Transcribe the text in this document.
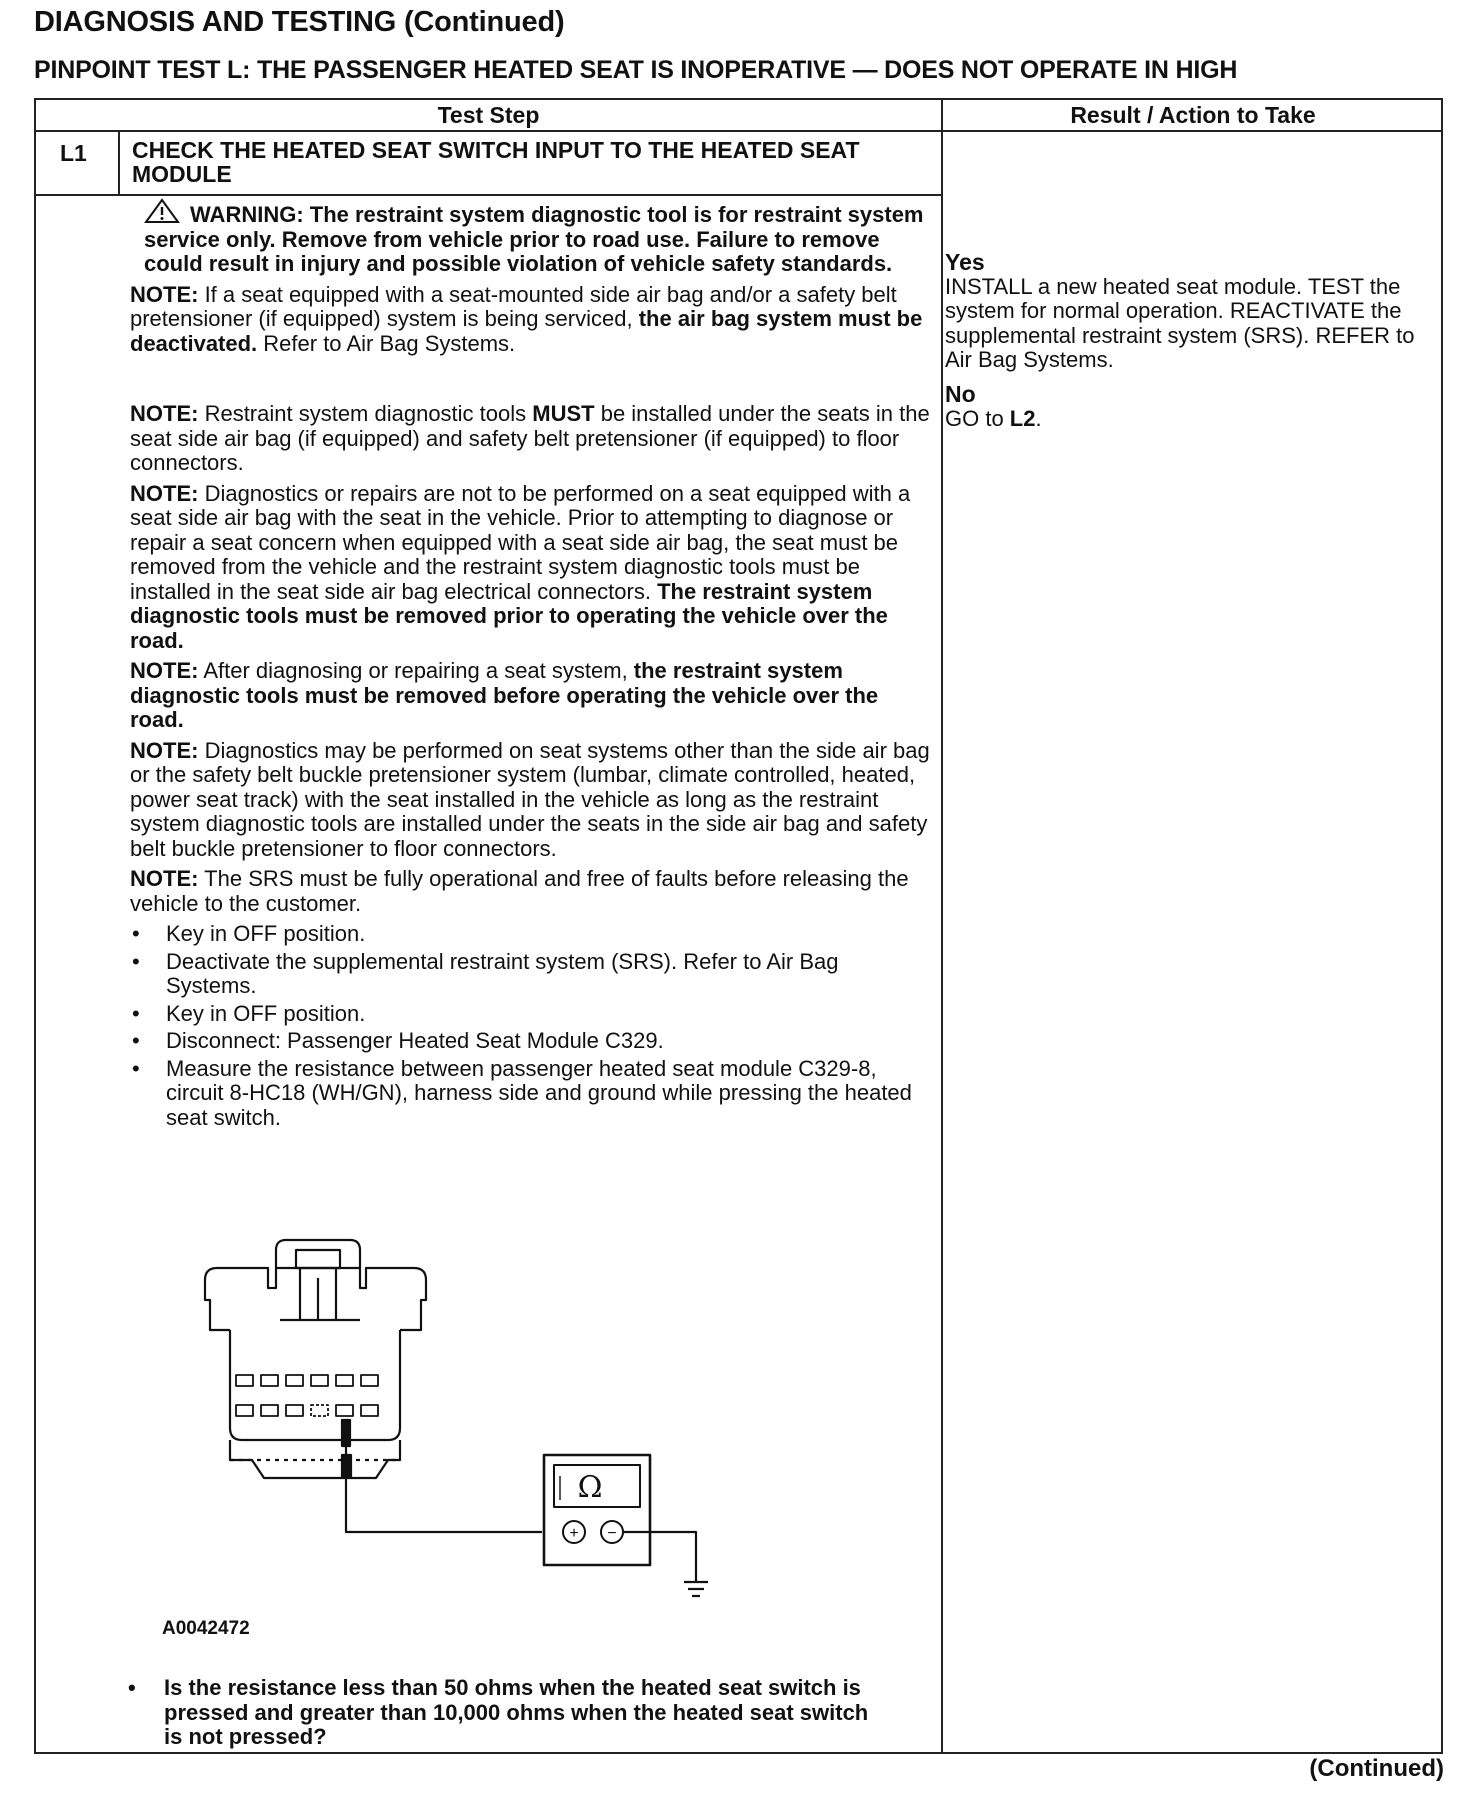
DIAGNOSIS AND TESTING (Continued)
PINPOINT TEST L: THE PASSENGER HEATED SEAT IS INOPERATIVE — DOES NOT OPERATE IN HIGH
Test Step	Result / Action to Take
L1 CHECK THE HEATED SEAT SWITCH INPUT TO THE HEATED SEAT MODULE

WARNING: The restraint system diagnostic tool is for restraint system service only. Remove from vehicle prior to road use. Failure to remove could result in injury and possible violation of vehicle safety standards.

NOTE: If a seat equipped with a seat-mounted side air bag and/or a safety belt pretensioner (if equipped) system is being serviced, the air bag system must be deactivated. Refer to Air Bag Systems.

NOTE: Restraint system diagnostic tools MUST be installed under the seats in the seat side air bag (if equipped) and safety belt pretensioner (if equipped) to floor connectors.

NOTE: Diagnostics or repairs are not to be performed on a seat equipped with a seat side air bag with the seat in the vehicle. Prior to attempting to diagnose or repair a seat concern when equipped with a seat side air bag, the seat must be removed from the vehicle and the restraint system diagnostic tools must be installed in the seat side air bag electrical connectors. The restraint system diagnostic tools must be removed prior to operating the vehicle over the road.

NOTE: After diagnosing or repairing a seat system, the restraint system diagnostic tools must be removed before operating the vehicle over the road.

NOTE: Diagnostics may be performed on seat systems other than the side air bag or the safety belt buckle pretensioner system (lumbar, climate controlled, heated, power seat track) with the seat installed in the vehicle as long as the restraint system diagnostic tools are installed under the seats in the side air bag and safety belt buckle pretensioner to floor connectors.

NOTE: The SRS must be fully operational and free of faults before releasing the vehicle to the customer.

• Key in OFF position.
• Deactivate the supplemental restraint system (SRS). Refer to Air Bag Systems.
• Key in OFF position.
• Disconnect: Passenger Heated Seat Module C329.
• Measure the resistance between passenger heated seat module C329-8, circuit 8-HC18 (WH/GN), harness side and ground while pressing the heated seat switch.
Yes
INSTALL a new heated seat module. TEST the system for normal operation. REACTIVATE the supplemental restraint system (SRS). REFER to Air Bag Systems.
No
GO to L2.
Ω
+ −
A0042472
• Is the resistance less than 50 ohms when the heated seat switch is pressed and greater than 10,000 ohms when the heated seat switch is not pressed?
(Continued)
